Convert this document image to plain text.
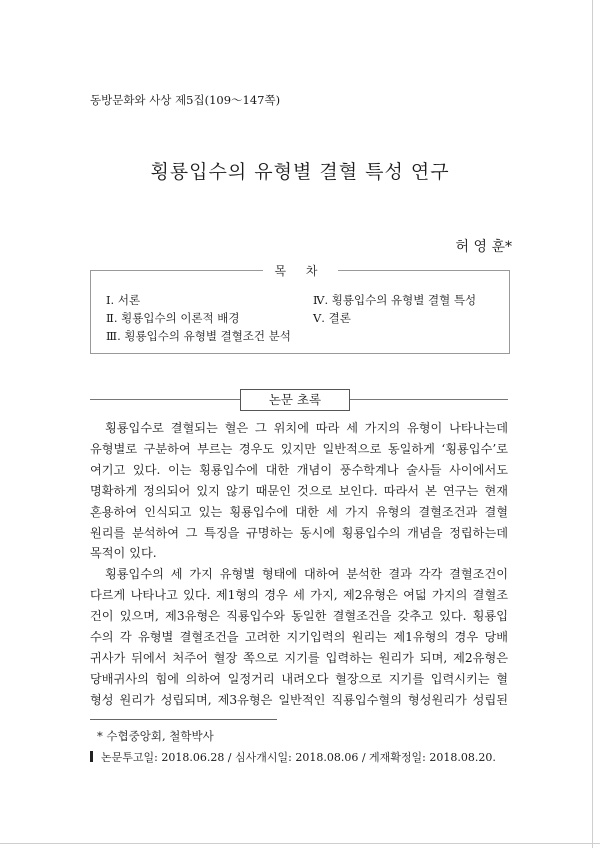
동방문화와 사상 제5집(109～147쪽)
횡룡입수의 유형별 결혈 특성 연구
허 영 훈*
목 차
Ⅰ. 서론
Ⅱ. 횡룡입수의 이론적 배경
Ⅲ. 횡룡입수의 유형별 결혈조건 분석
Ⅳ. 횡룡입수의 유형별 결혈 특성
Ⅴ. 결론
논문 초록

횡룡입수로 결혈되는 혈은 그 위치에 따라 세 가지의 유형이 나타나는데

유형별로 구분하여 부르는 경우도 있지만 일반적으로 동일하게 ‘횡룡입수’로

여기고 있다. 이는 횡룡입수에 대한 개념이 풍수학계나 술사들 사이에서도

명확하게 정의되어 있지 않기 때문인 것으로 보인다. 따라서 본 연구는 현재

혼용하여 인식되고 있는 횡룡입수에 대한 세 가지 유형의 결혈조건과 결혈

원리를 분석하여 그 특징을 규명하는 동시에 횡룡입수의 개념을 정립하는데

목적이 있다.

횡룡입수의 세 가지 유형별 형태에 대하여 분석한 결과 각각 결혈조건이

다르게 나타나고 있다. 제1형의 경우 세 가지, 제2유형은 여덟 가지의 결혈조

건이 있으며, 제3유형은 직룡입수와 동일한 결혈조건을 갖추고 있다. 횡룡입

수의 각 유형별 결혈조건을 고려한 지기입력의 원리는 제1유형의 경우 당배

귀사가 뒤에서 처주어 혈장 쪽으로 지기를 입력하는 원리가 되며, 제2유형은

당배귀사의 힘에 의하여 일정거리 내려오다 혈장으로 지기를 입력시키는 혈

형성 원리가 성립되며, 제3유형은 일반적인 직룡입수혈의 형성원리가 성립된

* 수협중앙회, 철학박사
논문투고일: 2018.06.28 / 심사개시일: 2018.08.06 / 게재확정일: 2018.08.20.
